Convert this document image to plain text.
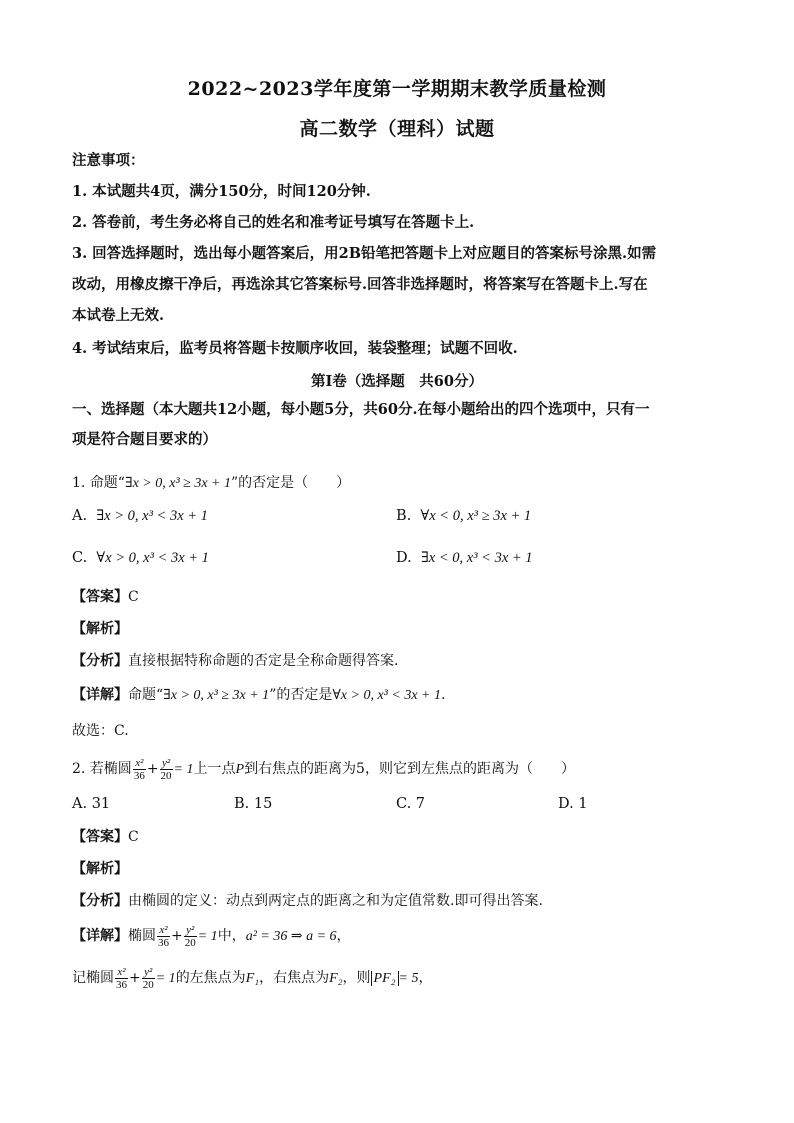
2022~2023学年度第一学期期末教学质量检测
高二数学（理科）试题
注意事项：
1. 本试题共4页，满分150分，时间120分钟.
2. 答卷前，考生务必将自己的姓名和准考证号填写在答题卡上.
3. 回答选择题时，选出每小题答案后，用2B铅笔把答题卡上对应题目的答案标号涂黑.如需
改动，用橡皮擦干净后，再选涂其它答案标号.回答非选择题时，将答案写在答题卡上.写在
本试卷上无效.
4. 考试结束后，监考员将答题卡按顺序收回，装袋整理；试题不回收.
第Ⅰ卷（选择题　共60分）
一、选择题（本大题共12小题，每小题5分，共60分.在每小题给出的四个选项中，只有一
项是符合题目要求的）
1. 命题“∃x > 0, x³ ≥ 3x + 1”的否定是（　　）
A. ∃x > 0, x³ < 3x + 1	B. ∀x < 0, x³ ≥ 3x + 1
C. ∀x > 0, x³ < 3x + 1	D. ∃x < 0, x³ < 3x + 1
【答案】C
【解析】
【分析】直接根据特称命题的否定是全称命题得答案.
【详解】命题“∃x > 0, x³ ≥ 3x + 1”的否定是∀x > 0, x³ < 3x + 1.
故选：C.
2. 若椭圆 $\frac{\text{x²}}{36} + \frac{\text{y²}}{20} = 1$上一点P到右焦点的距离为5，则它到左焦点的距离为（　　）
A. 31	B. 15	C. 7	D. 1
【答案】C
【解析】
【分析】由椭圆的定义：动点到两定点的距离之和为定值常数.即可得出答案.
【详解】椭圆 $\frac{\text{x²}}{36} + \frac{\text{y²}}{20} = 1$中，a² = 36 ⇒ a = 6，
记椭圆 $\frac{\text{x²}}{36} + \frac{\text{y²}}{20} = 1$的左焦点为F₁，右焦点为F₂，则 PF₂ = 5，
